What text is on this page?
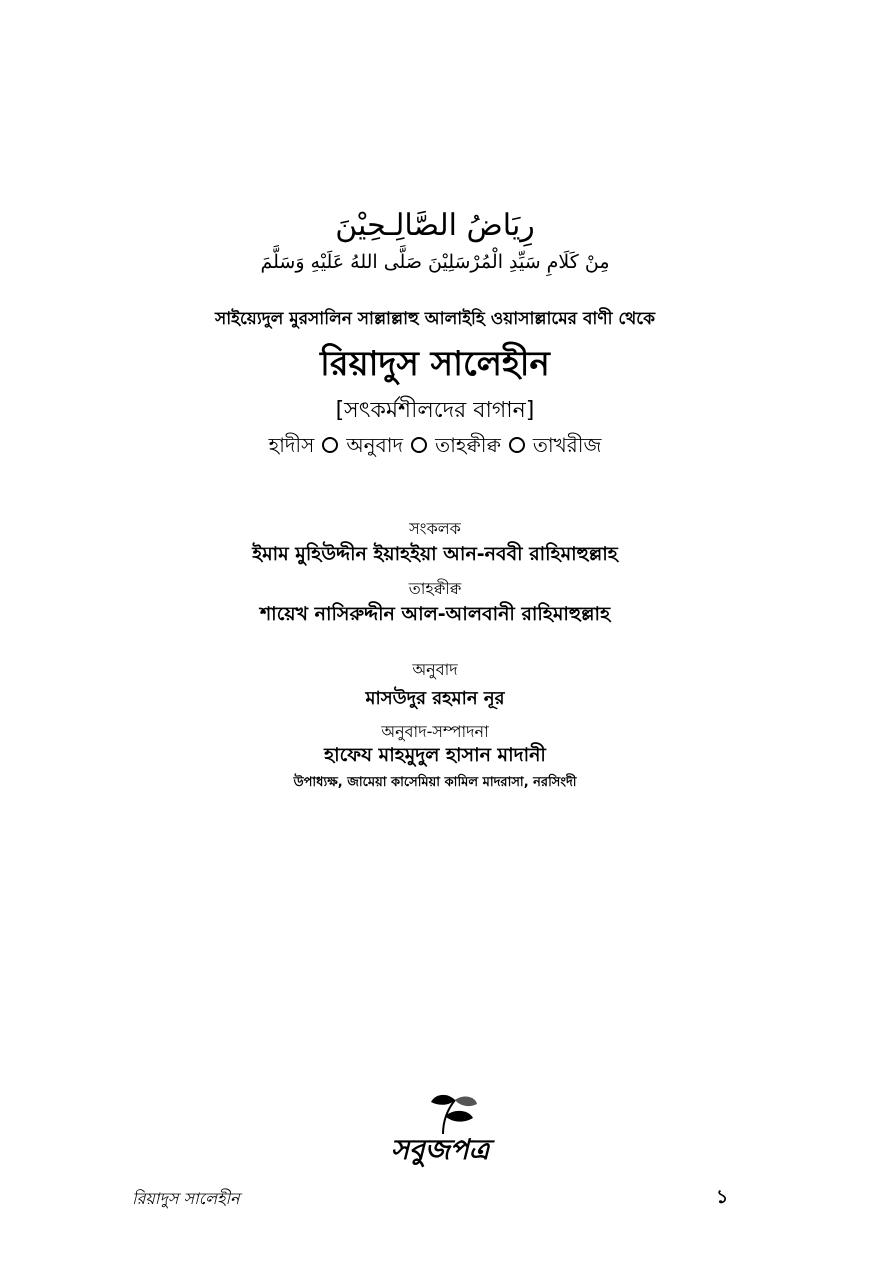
رِيَاضُ الصَّالِـحِيْنَ
مِنْ كَلَامِ سَيِّدِ الْمُرْسَلِيْنَ صَلَّى اللهُ عَلَيْهِ وَسَلَّمَ
সাইয়্যেদুল মুরসালিন সাল্লাল্লাহু আলাইহি ওয়াসাল্লামের বাণী থেকে
রিয়াদুস সালেহীন
[সৎকর্মশীলদের বাগান]
হাদীস অনুবাদ তাহক্বীক্ব তাখরীজ
সংকলক
ইমাম মুহিউদ্দীন ইয়াহইয়া আন-নববী রাহিমাহুল্লাহ
তাহক্বীক্ব
শায়েখ নাসিরুদ্দীন আল-আলবানী রাহিমাহুল্লাহ
অনুবাদ
মাসউদুর রহমান নূর
অনুবাদ-সম্পাদনা
হাফেয মাহমুদুল হাসান মাদানী
উপাধ্যক্ষ, জামেয়া কাসেমিয়া কামিল মাদরাসা, নরসিংদী
সবুজপত্র
রিয়াদুস সালেহীন	১
